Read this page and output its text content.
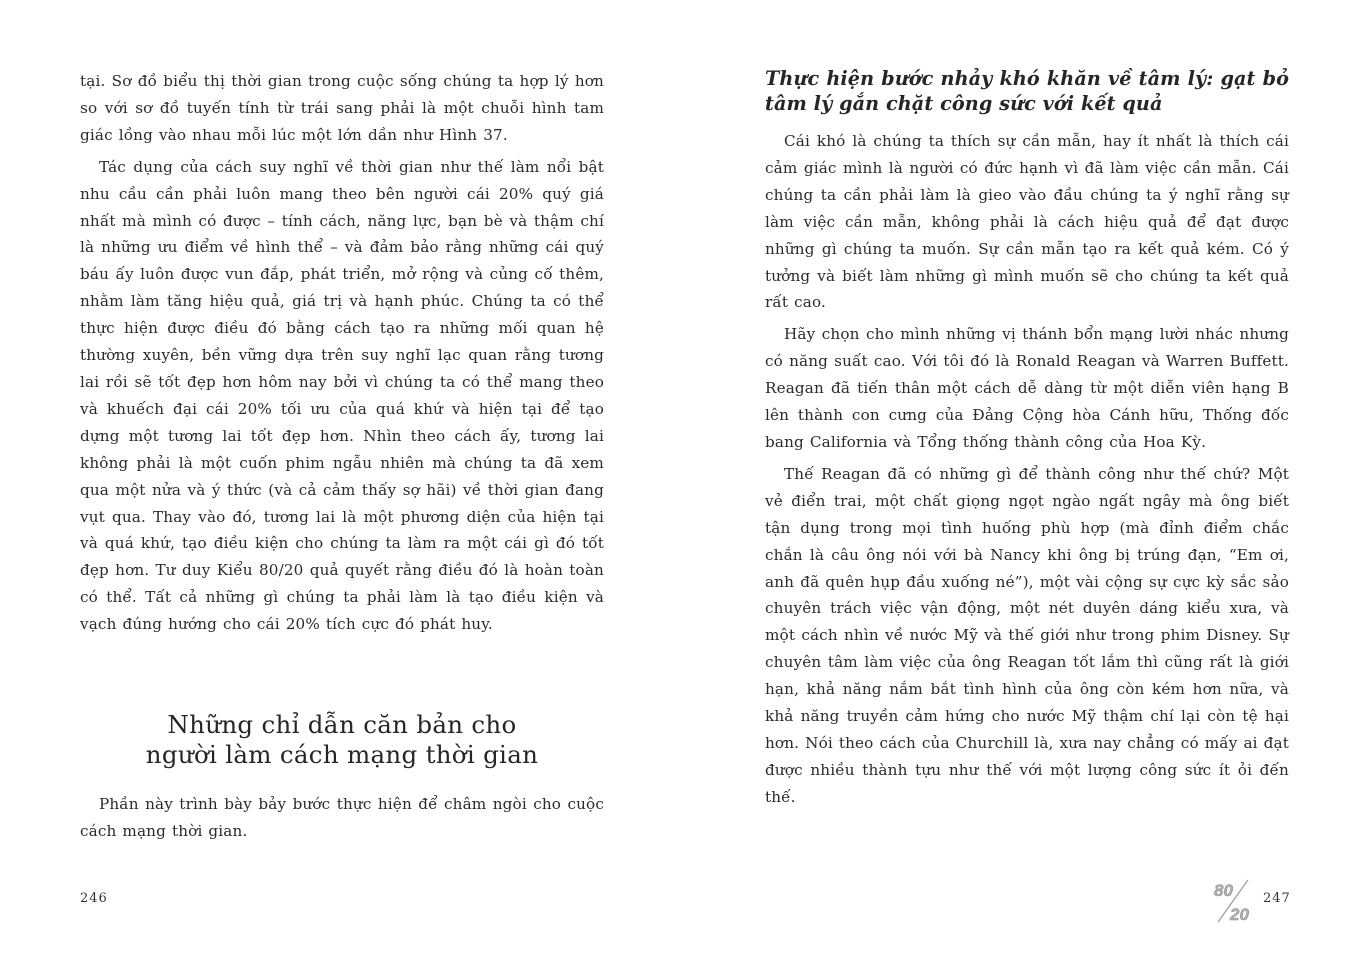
tại. Sơ đồ biểu thị thời gian trong cuộc sống chúng ta hợp lý hơn so với sơ đồ tuyến tính từ trái sang phải là một chuỗi hình tam giác lồng vào nhau mỗi lúc một lớn dần như Hình 37.

Tác dụng của cách suy nghĩ về thời gian như thế làm nổi bật nhu cầu cần phải luôn mang theo bên người cái 20% quý giá nhất mà mình có được – tính cách, năng lực, bạn bè và thậm chí là những ưu điểm về hình thể – và đảm bảo rằng những cái quý báu ấy luôn được vun đắp, phát triển, mở rộng và củng cố thêm, nhằm làm tăng hiệu quả, giá trị và hạnh phúc. Chúng ta có thể thực hiện được điều đó bằng cách tạo ra những mối quan hệ thường xuyên, bền vững dựa trên suy nghĩ lạc quan rằng tương lai rồi sẽ tốt đẹp hơn hôm nay bởi vì chúng ta có thể mang theo và khuếch đại cái 20% tối ưu của quá khứ và hiện tại để tạo dựng một tương lai tốt đẹp hơn. Nhìn theo cách ấy, tương lai không phải là một cuốn phim ngẫu nhiên mà chúng ta đã xem qua một nửa và ý thức (và cả cảm thấy sợ hãi) về thời gian đang vụt qua. Thay vào đó, tương lai là một phương diện của hiện tại và quá khứ, tạo điều kiện cho chúng ta làm ra một cái gì đó tốt đẹp hơn. Tư duy Kiểu 80/20 quả quyết rằng điều đó là hoàn toàn có thể. Tất cả những gì chúng ta phải làm là tạo điều kiện và vạch đúng hướng cho cái 20% tích cực đó phát huy.

Những chỉ dẫn căn bản cho
người làm cách mạng thời gian

Phần này trình bày bảy bước thực hiện để châm ngòi cho cuộc cách mạng thời gian.

246
Thực hiện bước nhảy khó khăn về tâm lý: gạt bỏ tâm lý gắn chặt công sức với kết quả

Cái khó là chúng ta thích sự cần mẫn, hay ít nhất là thích cái cảm giác mình là người có đức hạnh vì đã làm việc cần mẫn. Cái chúng ta cần phải làm là gieo vào đầu chúng ta ý nghĩ rằng sự làm việc cần mẫn, không phải là cách hiệu quả để đạt được những gì chúng ta muốn. Sự cần mẫn tạo ra kết quả kém. Có ý tưởng và biết làm những gì mình muốn sẽ cho chúng ta kết quả rất cao.

Hãy chọn cho mình những vị thánh bổn mạng lười nhác nhưng có năng suất cao. Với tôi đó là Ronald Reagan và Warren Buffett. Reagan đã tiến thân một cách dễ dàng từ một diễn viên hạng B lên thành con cưng của Đảng Cộng hòa Cánh hữu, Thống đốc bang California và Tổng thống thành công của Hoa Kỳ.

Thế Reagan đã có những gì để thành công như thế chứ? Một vẻ điển trai, một chất giọng ngọt ngào ngất ngây mà ông biết tận dụng trong mọi tình huống phù hợp (mà đỉnh điểm chắc chắn là câu ông nói với bà Nancy khi ông bị trúng đạn, “Em ơi, anh đã quên hụp đầu xuống né”), một vài cộng sự cực kỳ sắc sảo chuyên trách việc vận động, một nét duyên dáng kiểu xưa, và một cách nhìn về nước Mỹ và thế giới như trong phim Disney. Sự chuyên tâm làm việc của ông Reagan tốt lắm thì cũng rất là giới hạn, khả năng nắm bắt tình hình của ông còn kém hơn nữa, và khả năng truyền cảm hứng cho nước Mỹ thậm chí lại còn tệ hại hơn. Nói theo cách của Churchill là, xưa nay chẳng có mấy ai đạt được nhiều thành tựu như thế với một lượng công sức ít ỏi đến thế.

80
20
247
